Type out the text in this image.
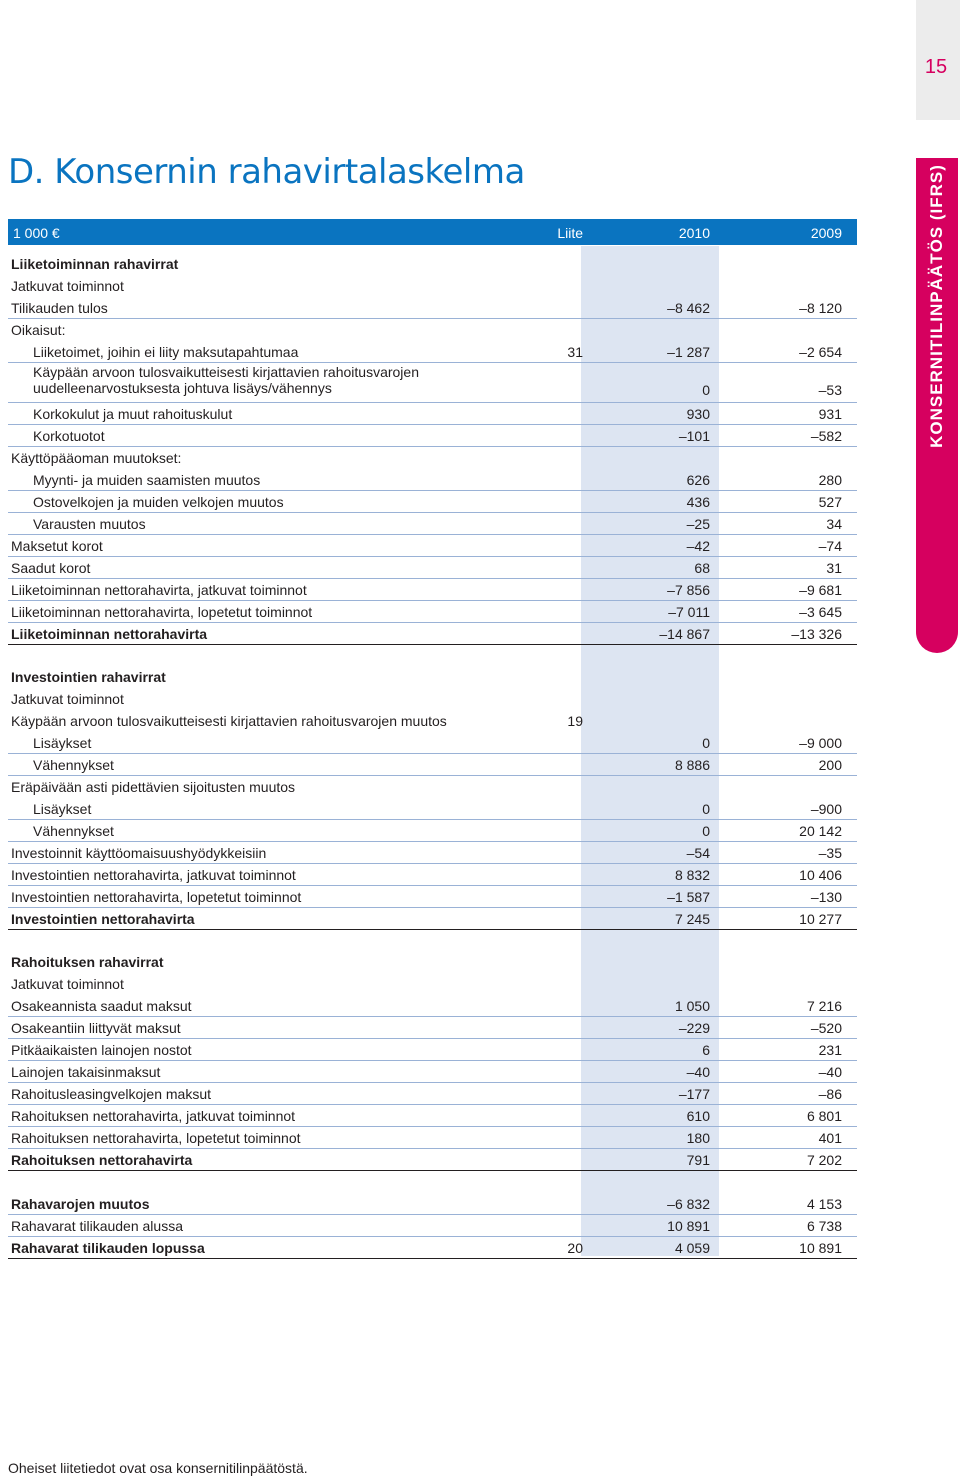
15
KONSERNITILINPÄÄTÖS (IFRS)
D. Konsernin rahavirtalaskelma
1 000 €	Liite	2010	2009
Liiketoiminnan rahavirrat
Jatkuvat toiminnot
Tilikauden tulos	–8 462	–8 120
Oikaisut:
Liiketoimet, joihin ei liity maksutapahtumaa	31	–1 287	–2 654
Käypään arvoon tulosvaikutteisesti kirjattavien rahoitusvarojen uudelleenarvostuksesta johtuva lisäys/vähennys	0	–53
Korkokulut ja muut rahoituskulut	930	931
Korkotuotot	–101	–582
Käyttöpääoman muutokset:
Myynti- ja muiden saamisten muutos	626	280
Ostovelkojen ja muiden velkojen muutos	436	527
Varausten muutos	–25	34
Maksetut korot	–42	–74
Saadut korot	68	31
Liiketoiminnan nettorahavirta, jatkuvat toiminnot	–7 856	–9 681
Liiketoiminnan nettorahavirta, lopetetut toiminnot	–7 011	–3 645
Liiketoiminnan nettorahavirta	–14 867	–13 326
Investointien rahavirrat
Jatkuvat toiminnot
Käypään arvoon tulosvaikutteisesti kirjattavien rahoitusvarojen muutos	19
Lisäykset	0	–9 000
Vähennykset	8 886	200
Eräpäivään asti pidettävien sijoitusten muutos
Lisäykset	0	–900
Vähennykset	0	20 142
Investoinnit käyttöomaisuushyödykkeisiin	–54	–35
Investointien nettorahavirta, jatkuvat toiminnot	8 832	10 406
Investointien nettorahavirta, lopetetut toiminnot	–1 587	–130
Investointien nettorahavirta	7 245	10 277
Rahoituksen rahavirrat
Jatkuvat toiminnot
Osakeannista saadut maksut	1 050	7 216
Osakeantiin liittyvät maksut	–229	–520
Pitkäaikaisten lainojen nostot	6	231
Lainojen takaisinmaksut	–40	–40
Rahoitusleasingvelkojen maksut	–177	–86
Rahoituksen nettorahavirta, jatkuvat toiminnot	610	6 801
Rahoituksen nettorahavirta, lopetetut toiminnot	180	401
Rahoituksen nettorahavirta	791	7 202
Rahavarojen muutos	–6 832	4 153
Rahavarat tilikauden alussa	10 891	6 738
Rahavarat tilikauden lopussa	20	4 059	10 891
Oheiset liitetiedot ovat osa konsernitilinpäätöstä.
